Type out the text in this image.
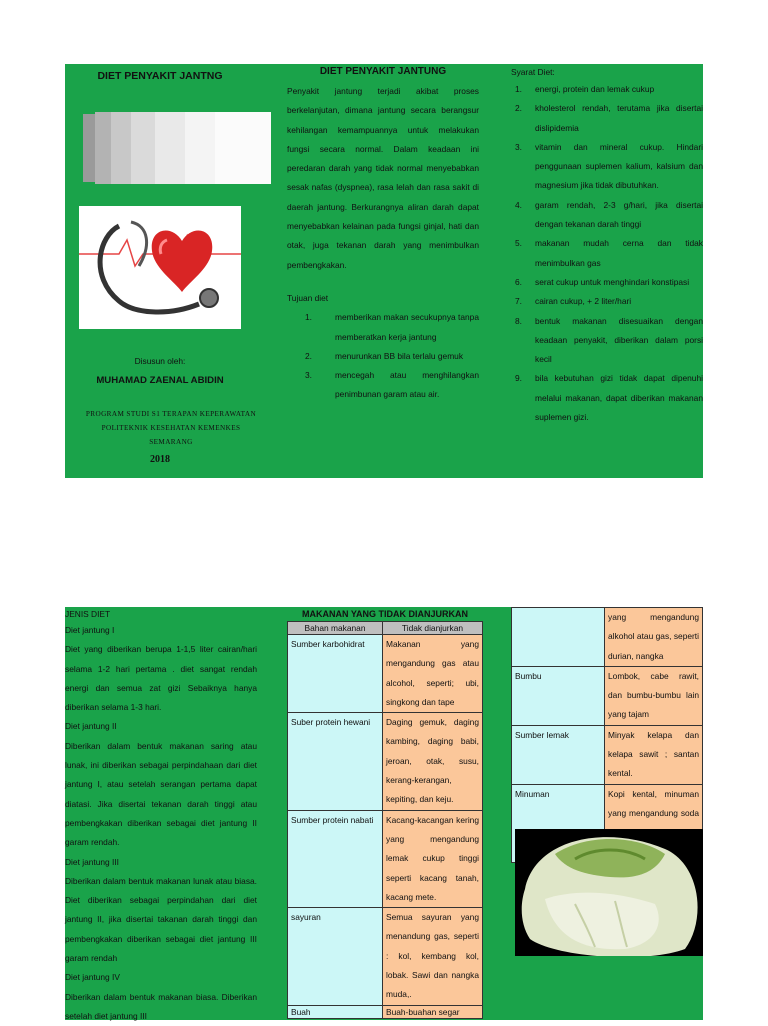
DIET PENYAKIT JANTNG
Disusun oleh:
MUHAMAD ZAENAL ABIDIN
PROGRAM STUDI S1 TERAPAN KEPERAWATAN
POLITEKNIK KESEHATAN KEMENKES
SEMARANG
2018
DIET PENYAKIT JANTUNG
Penyakit jantung terjadi akibat proses berkelanjutan, dimana jantung secara berangsur kehilangan kemampuannya untuk melakukan fungsi secara normal. Dalam keadaan ini peredaran darah yang tidak normal menyebabkan sesak nafas (dyspnea), rasa lelah dan rasa sakit di daerah jantung. Berkurangnya aliran darah dapat menyebabkan kelainan pada fungsi ginjal, hati dan otak, juga tekanan darah yang menimbulkan pembengkakan.
Tujuan diet
1.	memberikan makan secukupnya tanpa memberatkan kerja jantung
2.	menurunkan BB bila terlalu gemuk
3.	mencegah atau menghilangkan penimbunan garam atau air.
Syarat Diet:
1.	energi, protein dan lemak cukup
2.	kholesterol rendah, terutama jika disertai dislipidemia
3.	vitamin dan mineral cukup. Hindari penggunaan suplemen kalium, kalsium dan magnesium jika tidak dibutuhkan.
4.	garam rendah, 2-3 g/hari, jika disertai dengan tekanan darah tinggi
5.	makanan mudah cerna dan tidak menimbulkan gas
6.	serat cukup untuk menghindari konstipasi
7.	cairan cukup, + 2 liter/hari
8.	bentuk makanan disesuaikan dengan keadaan penyakit, diberikan dalam porsi kecil
9.	bila kebutuhan gizi tidak dapat dipenuhi melalui makanan, dapat diberikan makanan suplemen gizi.
JENIS DIET
Diet jantung I
Diet yang diberikan berupa 1-1,5 liter cairan/hari selama 1-2 hari pertama . diet sangat rendah energi dan semua zat gizi Sebaiknya hanya diberikan selama 1-3 hari.
Diet jantung II
Diberikan dalam bentuk makanan saring atau lunak, ini diberikan sebagai perpindahaan dari diet jantung I, atau setelah serangan pertama dapat diatasi. Jika disertai tekanan darah tinggi atau pembengkakan diberikan sebagai diet jantung II garam rendah.
Diet jantung III
Diberikan dalam bentuk makanan lunak atau biasa. Diet diberikan sebagai perpindahan dari diet jantung II, jika disertai takanan darah tinggi dan pembengkakan diberikan sebagai diet jantung III garam rendah
Diet jantung IV
Diberikan dalam bentuk makanan biasa. Diberikan setelah diet jantung III
MAKANAN YANG TIDAK DIANJURKAN
Bahan makanan	Tidak dianjurkan
Sumber karbohidrat	Makanan yang mengandung gas atau alcohol, seperti; ubi, singkong dan tape
Suber protein hewani	Daging gemuk, daging kambing, daging babi, jeroan, otak, susu, kerang-kerangan, kepiting, dan keju.
Sumber protein nabati	Kacang-kacangan kering yang mengandung lemak cukup tinggi seperti kacang tanah, kacang mete.
sayuran	Semua sayuran yang menandung gas, seperti : kol, kembang kol, lobak. Sawi dan nangka muda,.
Buah	Buah-buahan segar
	yang mengandung alkohol atau gas, seperti durian, nangka
Bumbu	Lombok, cabe rawit, dan bumbu-bumbu lain yang tajam
Sumber lemak	Minyak kelapa dan kelapa sawit ; santan kental.
Minuman	Kopi kental, minuman yang mengandung soda
